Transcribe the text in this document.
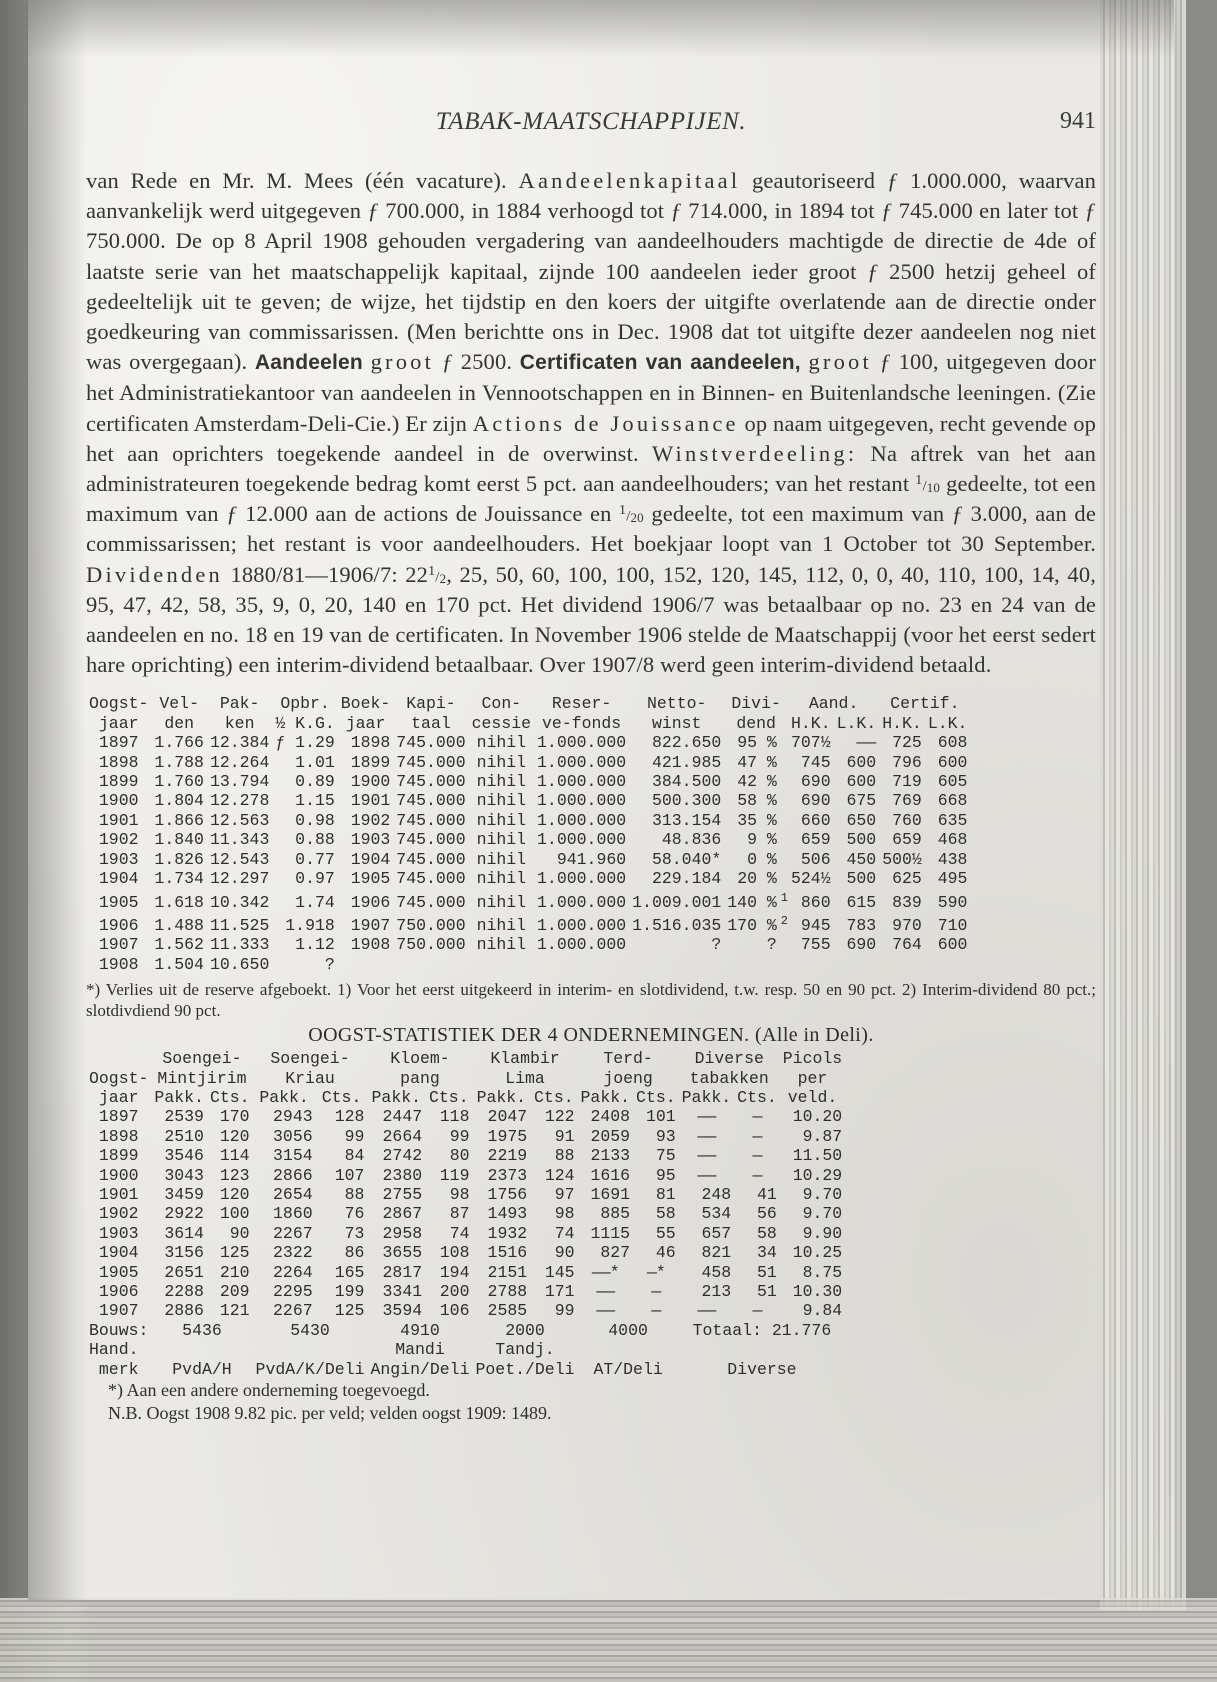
TABAK-MAATSCHAPPIJEN.	941

van Rede en Mr. M. Mees (één vacature). Aandeelenkapitaal geautoriseerd ƒ 1.000.000, waarvan aanvankelijk werd uitgegeven ƒ 700.000, in 1884 verhoogd tot ƒ 714.000, in 1894 tot ƒ 745.000 en later tot ƒ 750.000. De op 8 April 1908 gehouden vergadering van aandeelhouders machtigde de directie de 4de of laatste serie van het maatschappelijk kapitaal, zijnde 100 aandeelen ieder groot ƒ 2500 hetzij geheel of gedeeltelijk uit te geven; de wijze, het tijdstip en den koers der uitgifte overlatende aan de directie onder goedkeuring van commissarissen. (Men berichtte ons in Dec. 1908 dat tot uitgifte dezer aandeelen nog niet was overgegaan). Aandeelen groot ƒ 2500. Certificaten van aandeelen, groot ƒ 100, uitgegeven door het Administratiekantoor van aandeelen in Vennootschappen en in Binnen- en Buitenlandsche leeningen. (Zie certificaten Amsterdam-Deli-Cie.) Er zijn Actions de Jouissance op naam uitgegeven, recht gevende op het aan oprichters toegekende aandeel in de overwinst. Winstverdeeling: Na aftrek van het aan administrateuren toegekende bedrag komt eerst 5 pct. aan aandeelhouders; van het restant $^1/_{10}$ gedeelte, tot een maximum van ƒ 12.000 aan de actions de Jouissance en $^1/_{20}$ gedeelte, tot een maximum van ƒ 3.000, aan de commissarissen; het restant is voor aandeelhouders. Het boekjaar loopt van 1 October tot 30 September. Dividenden 1880/81—1906/7: $22^1/_2$, 25, 50, 60, 100, 100, 152, 120, 145, 112, 0, 0, 40, 110, 100, 14, 40, 95, 47, 42, 58, 35, 9, 0, 20, 140 en 170 pct. Het dividend 1906/7 was betaalbaar op no. 23 en 24 van de aandeelen en no. 18 en 19 van de certificaten. In November 1906 stelde de Maatschappij (voor het eerst sedert hare oprichting) een interim-dividend betaalbaar. Over 1907/8 werd geen interim-dividend betaald.

Oogst-	Vel-	Pak-	Opbr.	Boek-	Kapi-	Con-	Reser-	Netto-	Divi-		Aand.		Certif.	
jaar	den	ken	½ K.G.	jaar	taal	cessie	ve-fonds	winst	dend		H.K.	L.K.	H.K.	L.K.
1897	1.766	12.384	ƒ 1.29	1898	745.000	nihil	1.000.000	822.650	95 %		707½	——	725	608
1898	1.788	12.264	1.01	1899	745.000	nihil	1.000.000	421.985	47 %		745	600	796	600
1899	1.760	13.794	0.89	1900	745.000	nihil	1.000.000	384.500	42 %		690	600	719	605
1900	1.804	12.278	1.15	1901	745.000	nihil	1.000.000	500.300	58 %		690	675	769	668
1901	1.866	12.563	0.98	1902	745.000	nihil	1.000.000	313.154	35 %		660	650	760	635
1902	1.840	11.343	0.88	1903	745.000	nihil	1.000.000	48.836	9 %		659	500	659	468
1903	1.826	12.543	0.77	1904	745.000	nihil	941.960	58.040*	0 %		506	450	500½	438
1904	1.734	12.297	0.97	1905	745.000	nihil	1.000.000	229.184	20 %		524½	500	625	495
1905	1.618	10.342	1.74	1906	745.000	nihil	1.000.000	1.009.001	140 %	$^1$	860	615	839	590
1906	1.488	11.525	1.918	1907	750.000	nihil	1.000.000	1.516.035	170 %	$^2$	945	783	970	710
1907	1.562	11.333	1.12	1908	750.000	nihil	1.000.000	?	?		755	690	764	600
1908	1.504	10.650	?											
*) Verlies uit de reserve afgeboekt. 1) Voor het eerst uitgekeerd in interim- en slotdividend, t.w. resp. 50 en 90 pct. 2) Interim-dividend 80 pct.; slotdivdiend 90 pct.
OOGST-STATISTIEK DER 4 ONDERNEMINGEN. (Alle in Deli).
	Soengei-		Soengei-		Kloem-		Klambir		Terd-		Diverse		Picols
Oogst-	Mintjirim		Kriau		pang		Lima		joeng		tabakken		per
jaar	Pakk.	Cts.	Pakk.	Cts.	Pakk.	Cts.	Pakk.	Cts.	Pakk.	Cts.	Pakk.	Cts.	veld.
1897	2539	170	2943	128	2447	118	2047	122	2408	101	——	—	10.20
1898	2510	120	3056	99	2664	99	1975	91	2059	93	——	—	9.87
1899	3546	114	3154	84	2742	80	2219	88	2133	75	——	—	11.50
1900	3043	123	2866	107	2380	119	2373	124	1616	95	——	—	10.29
1901	3459	120	2654	88	2755	98	1756	97	1691	81	248	41	9.70
1902	2922	100	1860	76	2867	87	1493	98	885	58	534	56	9.70
1903	3614	90	2267	73	2958	74	1932	74	1115	55	657	58	9.90
1904	3156	125	2322	86	3655	108	1516	90	827	46	821	34	10.25
1905	2651	210	2264	165	2817	194	2151	145	——*	—*	458	51	8.75
1906	2288	209	2295	199	3341	200	2788	171	——	—	213	51	10.30
1907	2886	121	2267	125	3594	106	2585	99	——	—	——	—	9.84
Bouws:	5436		5430		4910		2000		4000		Totaal: 21.776		
Hand.					Mandi		Tandj.						
merk	PvdA/H		PvdA/K/Deli		Angin/Deli		Poet./Deli		AT/Deli		Diverse		
*) Aan een andere onderneming toegevoegd.
N.B. Oogst 1908 9.82 pic. per veld; velden oogst 1909: 1489.
